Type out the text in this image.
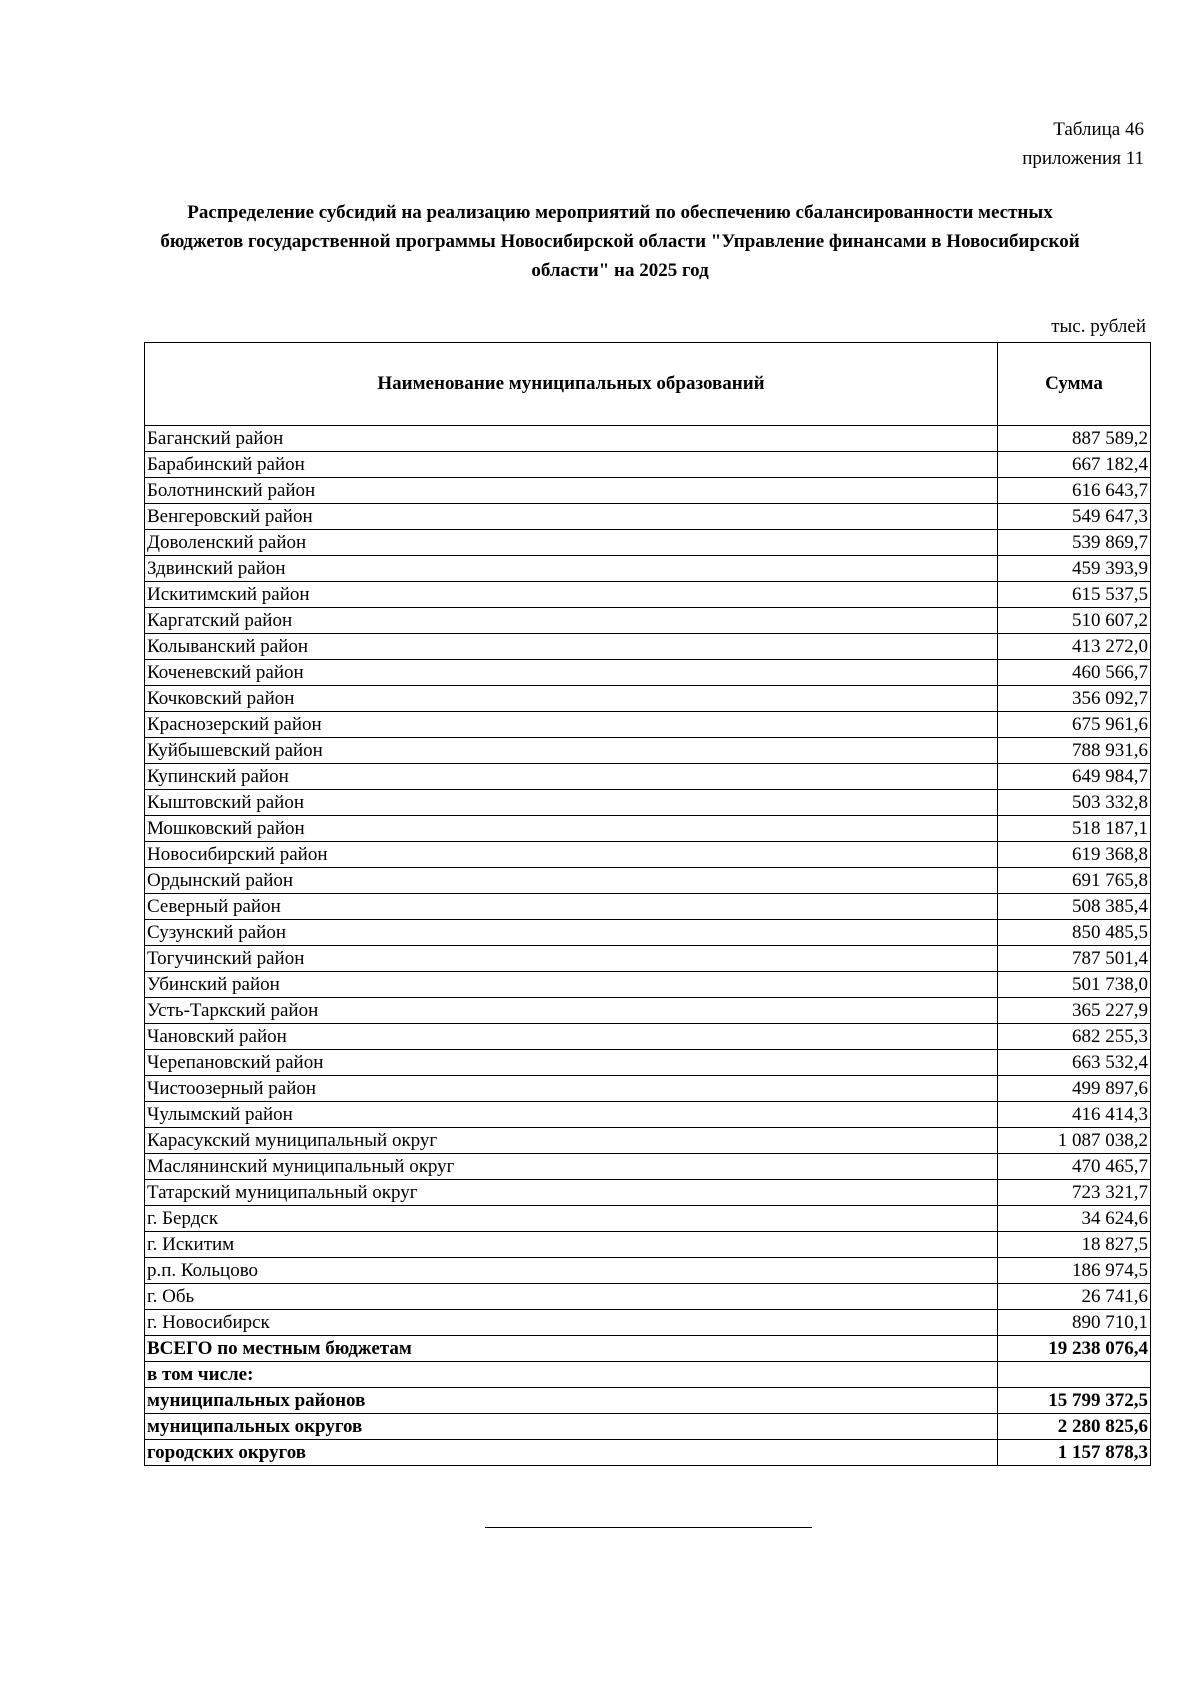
Таблица 46
приложения 11
Распределение субсидий на реализацию мероприятий по обеспечению сбалансированности местных бюджетов государственной программы Новосибирской области "Управление финансами в Новосибирской области" на 2025 год
тыс. рублей
Наименование муниципальных образований	Сумма
Баганский район	887 589,2
Барабинский район	667 182,4
Болотнинский район	616 643,7
Венгеровский район	549 647,3
Доволенский район	539 869,7
Здвинский район	459 393,9
Искитимский район	615 537,5
Каргатский район	510 607,2
Колыванский район	413 272,0
Коченевский район	460 566,7
Кочковский район	356 092,7
Краснозерский район	675 961,6
Куйбышевский район	788 931,6
Купинский район	649 984,7
Кыштовский район	503 332,8
Мошковский район	518 187,1
Новосибирский район	619 368,8
Ордынский район	691 765,8
Северный район	508 385,4
Сузунский район	850 485,5
Тогучинский район	787 501,4
Убинский район	501 738,0
Усть-Таркский район	365 227,9
Чановский район	682 255,3
Черепановский район	663 532,4
Чистоозерный район	499 897,6
Чулымский район	416 414,3
Карасукский муниципальный округ	1 087 038,2
Маслянинский муниципальный округ	470 465,7
Татарский муниципальный округ	723 321,7
г. Бердск	34 624,6
г. Искитим	18 827,5
р.п. Кольцово	186 974,5
г. Обь	26 741,6
г. Новосибирск	890 710,1
ВСЕГО по местным бюджетам	19 238 076,4
в том числе:	
муниципальных районов	15 799 372,5
муниципальных округов	2 280 825,6
городских округов	1 157 878,3
